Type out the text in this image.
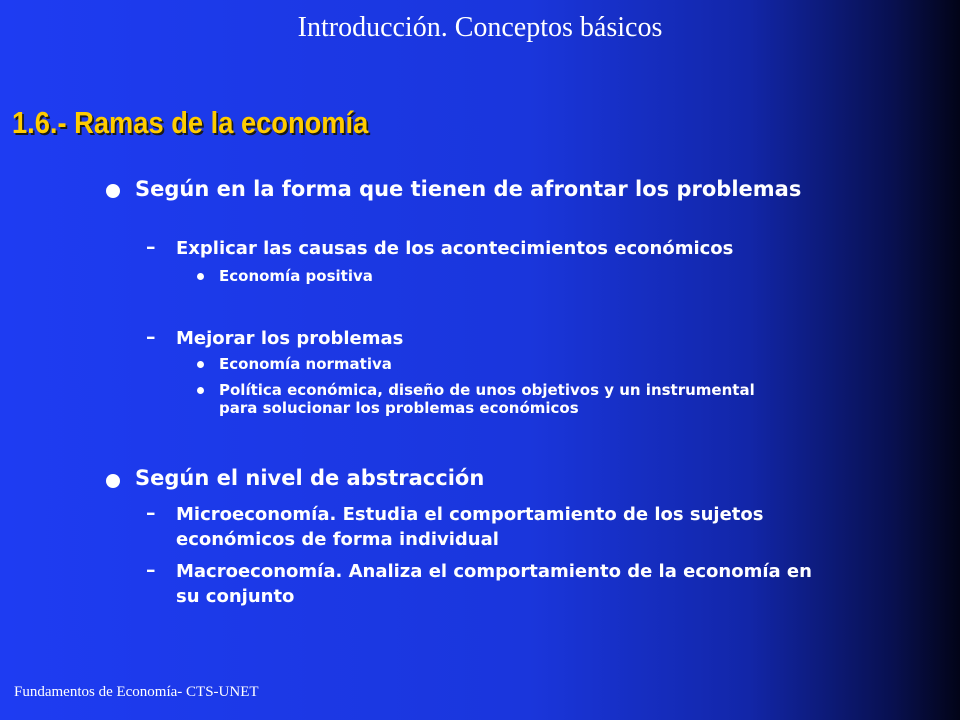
Introducción. Conceptos básicos
1.6.- Ramas de la economía
Según en la forma que tienen de afrontar los problemas
– Explicar las causas de los acontecimientos económicos
Economía positiva
– Mejorar los problemas
Economía normativa
Política económica, diseño de unos objetivos y un instrumental
para solucionar los problemas económicos
Según el nivel de abstracción
– Microeconomía. Estudia el comportamiento de los sujetos
económicos de forma individual
– Macroeconomía. Analiza el comportamiento de la economía en
su conjunto
Fundamentos de Economía- CTS-UNET
